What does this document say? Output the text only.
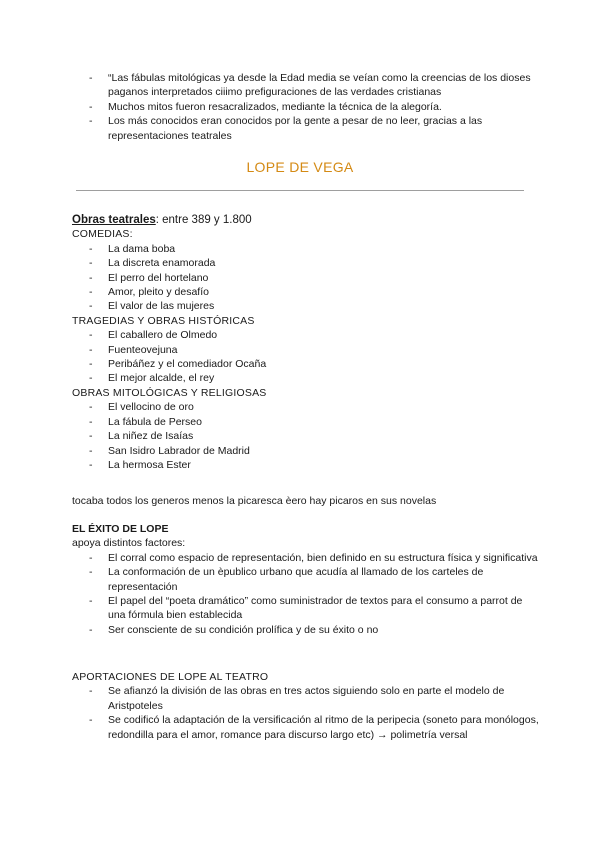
- “Las fábulas mitológicas ya desde la Edad media se veían como la creencias de los dioses paganos interpretados ciiimo prefiguraciones de las verdades cristianas
- Muchos mitos fueron resacralizados, mediante la técnica de la alegoría.
- Los más conocidos eran conocidos por la gente a pesar de no leer, gracias a las representaciones teatrales
LOPE DE VEGA
Obras teatrales: entre 389 y 1.800
COMEDIAS:
- La dama boba
- La discreta enamorada
- El perro del hortelano
- Amor, pleito y desafío
- El valor de las mujeres
TRAGEDIAS Y OBRAS HISTÓRICAS
- El caballero de Olmedo
- Fuenteovejuna
- Peribáñez y el comediador Ocaña
- El mejor alcalde, el rey
OBRAS MITOLÓGICAS Y RELIGIOSAS
- El vellocino de oro
- La fábula de Perseo
- La niñez de Isaías
- San Isidro Labrador de Madrid
- La hermosa Ester
tocaba todos los generos menos la picaresca èero hay picaros en sus novelas
EL ÉXITO DE LOPE
apoya distintos factores:
- El corral como espacio de representación, bien definido en su estructura física y significativa
- La conformación de un èpublico urbano que acudía al llamado de los carteles de representación
- El papel del “poeta dramático” como suministrador de textos para el consumo a parrot de una fórmula bien establecida
- Ser consciente de su condición prolífica y de su éxito o no
APORTACIONES DE LOPE AL TEATRO
- Se afianzó la división de las obras en tres actos siguiendo solo en parte el modelo de Aristpoteles
- Se codificó la adaptación de la versificación al ritmo de la peripecia (soneto para monólogos, redondilla para el amor, romance para discurso largo etc) → polimetría versal
